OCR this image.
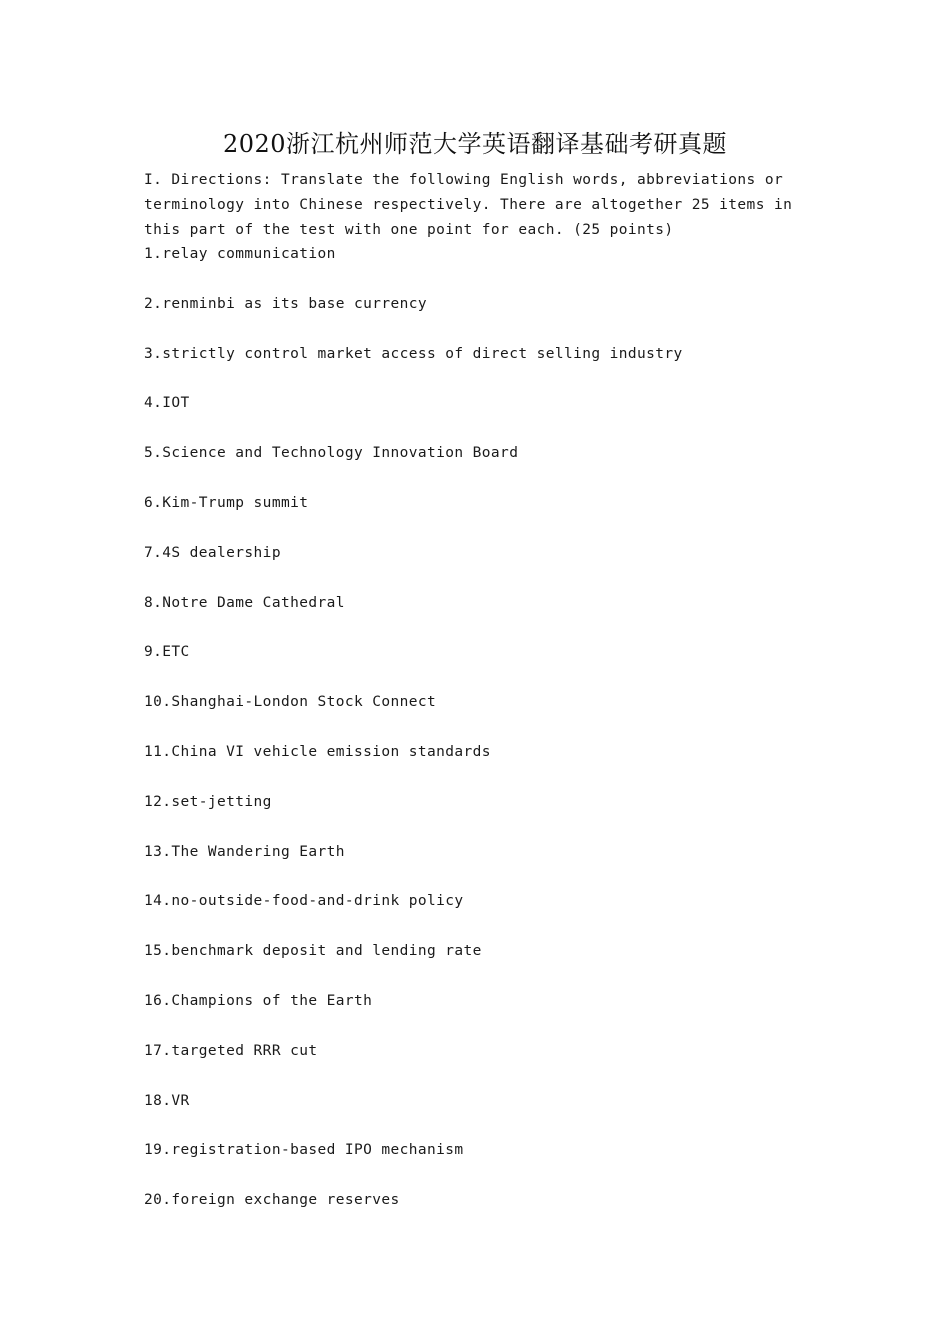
2020浙江杭州师范大学英语翻译基础考研真题
I. Directions: Translate the following English words, abbreviations or terminology into Chinese respectively. There are altogether 25 items in this part of the test with one point for each. (25 points)
1.relay communication
2.renminbi as its base currency
3.strictly control market access of direct selling industry
4.IOT
5.Science and Technology Innovation Board
6.Kim-Trump summit
7.4S dealership
8.Notre Dame Cathedral
9.ETC
10.Shanghai-London Stock Connect
11.China VI vehicle emission standards
12.set-jetting
13.The Wandering Earth
14.no-outside-food-and-drink policy
15.benchmark deposit and lending rate
16.Champions of the Earth
17.targeted RRR cut
18.VR
19.registration-based IPO mechanism
20.foreign exchange reserves
